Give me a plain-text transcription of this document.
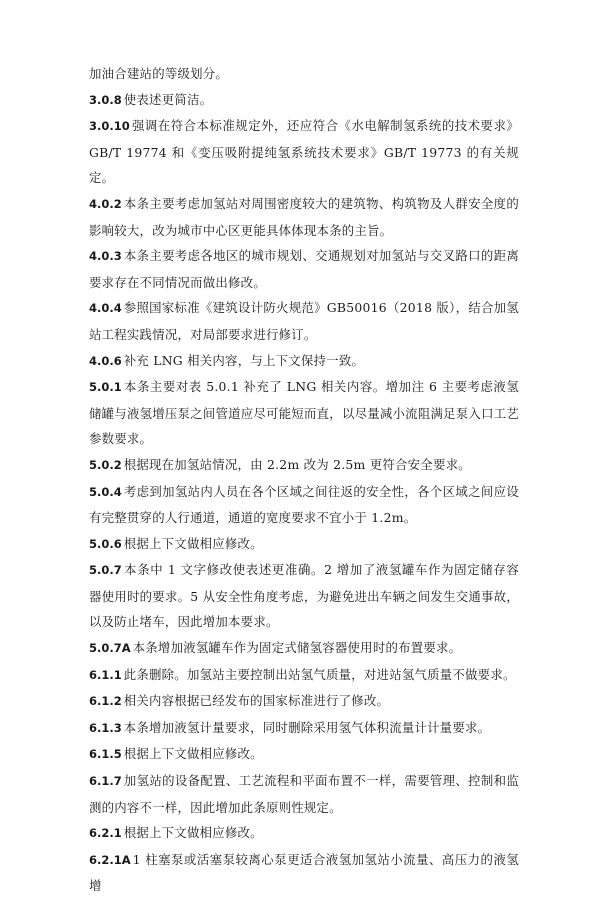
加油合建站的等级划分。

3.0.8 使表述更简洁。

3.0.10 强调在符合本标准规定外，还应符合《水电解制氢系统的技术要求》GB/T 19774 和《变压吸附提纯氢系统技术要求》GB/T 19773 的有关规定。

4.0.2 本条主要考虑加氢站对周围密度较大的建筑物、构筑物及人群安全度的影响较大，改为城市中心区更能具体体现本条的主旨。

4.0.3 本条主要考虑各地区的城市规划、交通规划对加氢站与交叉路口的距离要求存在不同情况而做出修改。

4.0.4 参照国家标准《建筑设计防火规范》GB50016（2018 版），结合加氢站工程实践情况，对局部要求进行修订。

4.0.6 补充 LNG 相关内容，与上下文保持一致。

5.0.1 本条主要对表 5.0.1 补充了 LNG 相关内容。增加注 6 主要考虑液氢储罐与液氢增压泵之间管道应尽可能短而直，以尽量减小流阻满足泵入口工艺参数要求。

5.0.2 根据现在加氢站情况，由 2.2m 改为 2.5m 更符合安全要求。

5.0.4 考虑到加氢站内人员在各个区域之间往返的安全性，各个区域之间应设有完整贯穿的人行通道，通道的宽度要求不宜小于 1.2m。

5.0.6 根据上下文做相应修改。

5.0.7 本条中 1 文字修改使表述更准确。2 增加了液氢罐车作为固定储存容器使用时的要求。5 从安全性角度考虑，为避免进出车辆之间发生交通事故，以及防止堵车，因此增加本要求。

5.0.7A 本条增加液氢罐车作为固定式储氢容器使用时的布置要求。

6.1.1 此条删除。加氢站主要控制出站氢气质量，对进站氢气质量不做要求。

6.1.2 相关内容根据已经发布的国家标准进行了修改。

6.1.3 本条增加液氢计量要求，同时删除采用氢气体积流量计计量要求。

6.1.5 根据上下文做相应修改。

6.1.7 加氢站的设备配置、工艺流程和平面布置不一样，需要管理、控制和监测的内容不一样，因此增加此条原则性规定。

6.2.1 根据上下文做相应修改。

6.2.1A 1 柱塞泵或活塞泵较离心泵更适合液氢加氢站小流量、高压力的液氢增
